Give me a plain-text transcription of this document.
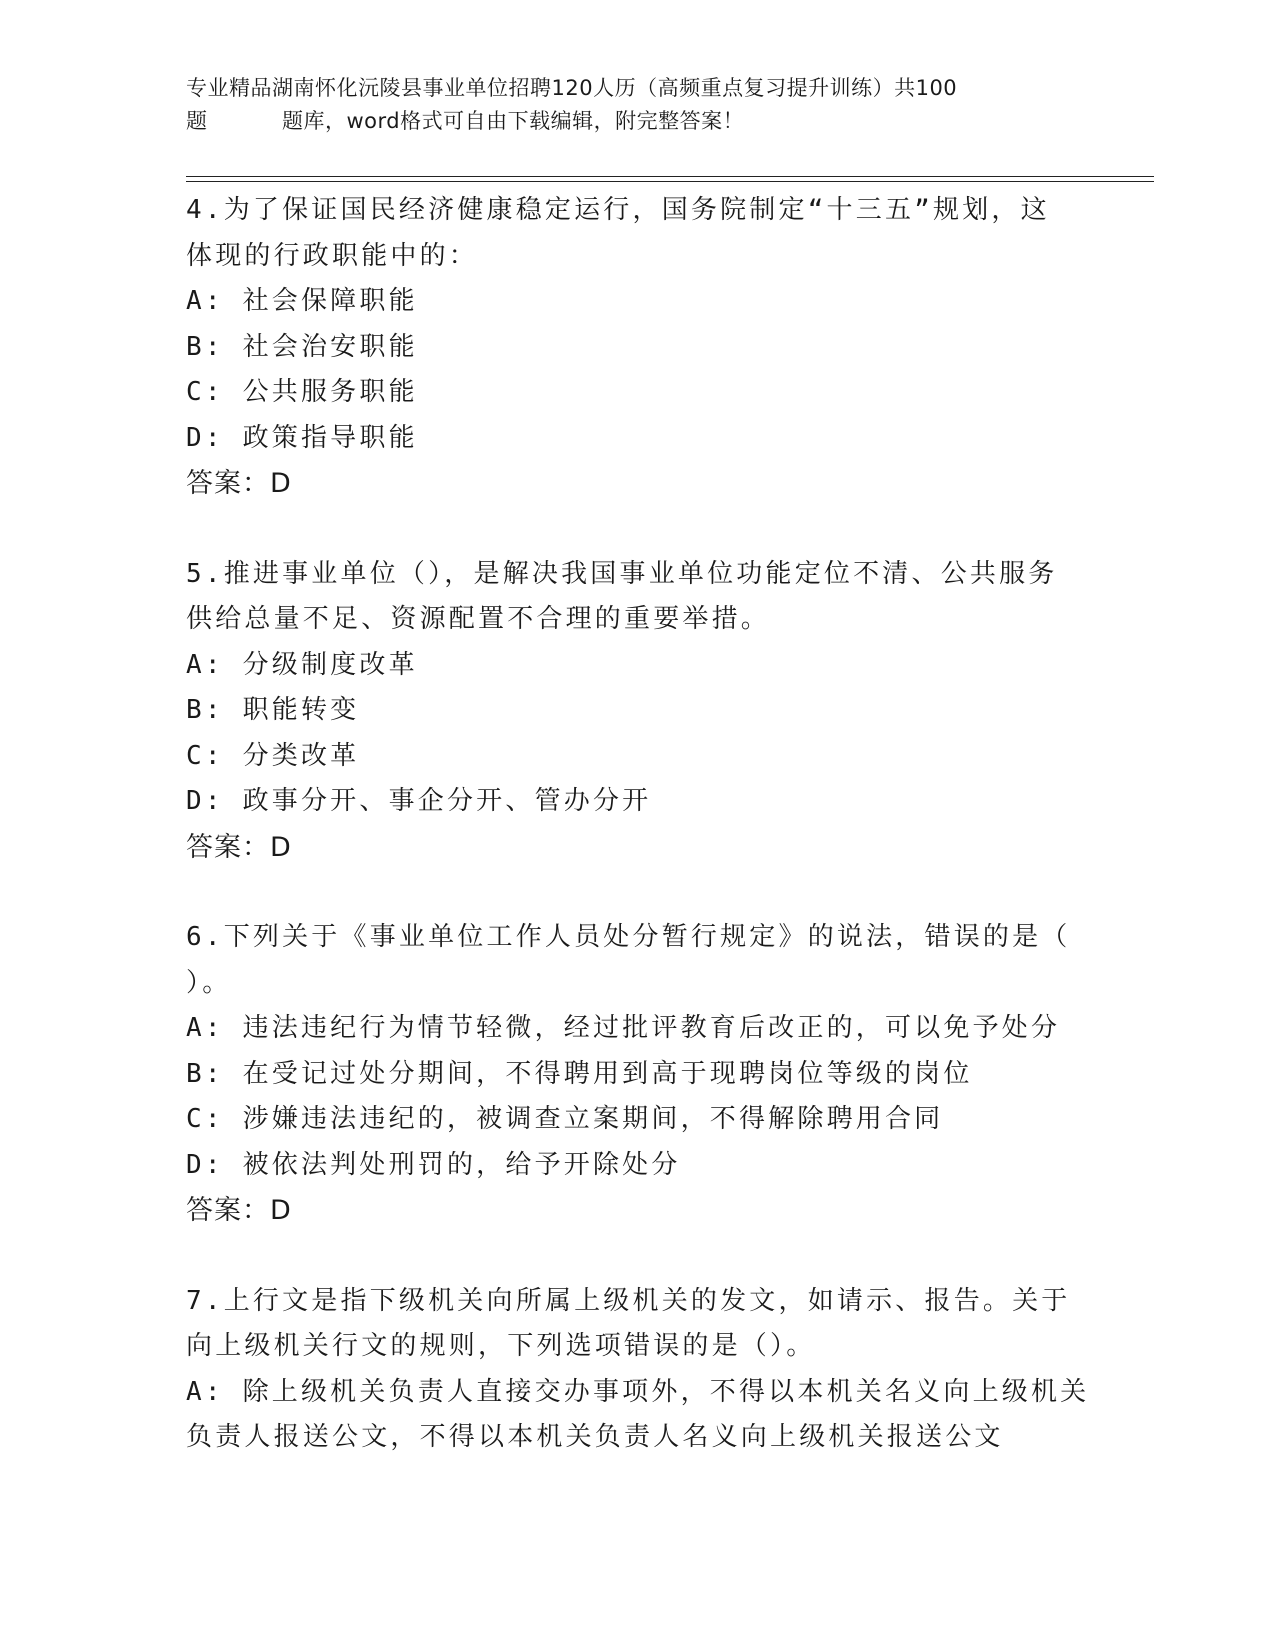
专业精品湖南怀化沅陵县事业单位招聘120人历（高频重点复习提升训练）共100
题	题库，word格式可自由下载编辑，附完整答案！
4.为了保证国民经济健康稳定运行，国务院制定“十三五”规划，这
体现的行政职能中的：
A: 社会保障职能
B: 社会治安职能
C: 公共服务职能
D: 政策指导职能
答案：D
5.推进事业单位（），是解决我国事业单位功能定位不清、公共服务
供给总量不足、资源配置不合理的重要举措。
A: 分级制度改革
B: 职能转变
C: 分类改革
D: 政事分开、事企分开、管办分开
答案：D
6.下列关于《事业单位工作人员处分暂行规定》的说法，错误的是（
）。
A: 违法违纪行为情节轻微，经过批评教育后改正的，可以免予处分
B: 在受记过处分期间，不得聘用到高于现聘岗位等级的岗位
C: 涉嫌违法违纪的，被调查立案期间，不得解除聘用合同
D: 被依法判处刑罚的，给予开除处分
答案：D
7.上行文是指下级机关向所属上级机关的发文，如请示、报告。关于
向上级机关行文的规则，下列选项错误的是（）。
A: 除上级机关负责人直接交办事项外，不得以本机关名义向上级机关
负责人报送公文，不得以本机关负责人名义向上级机关报送公文
